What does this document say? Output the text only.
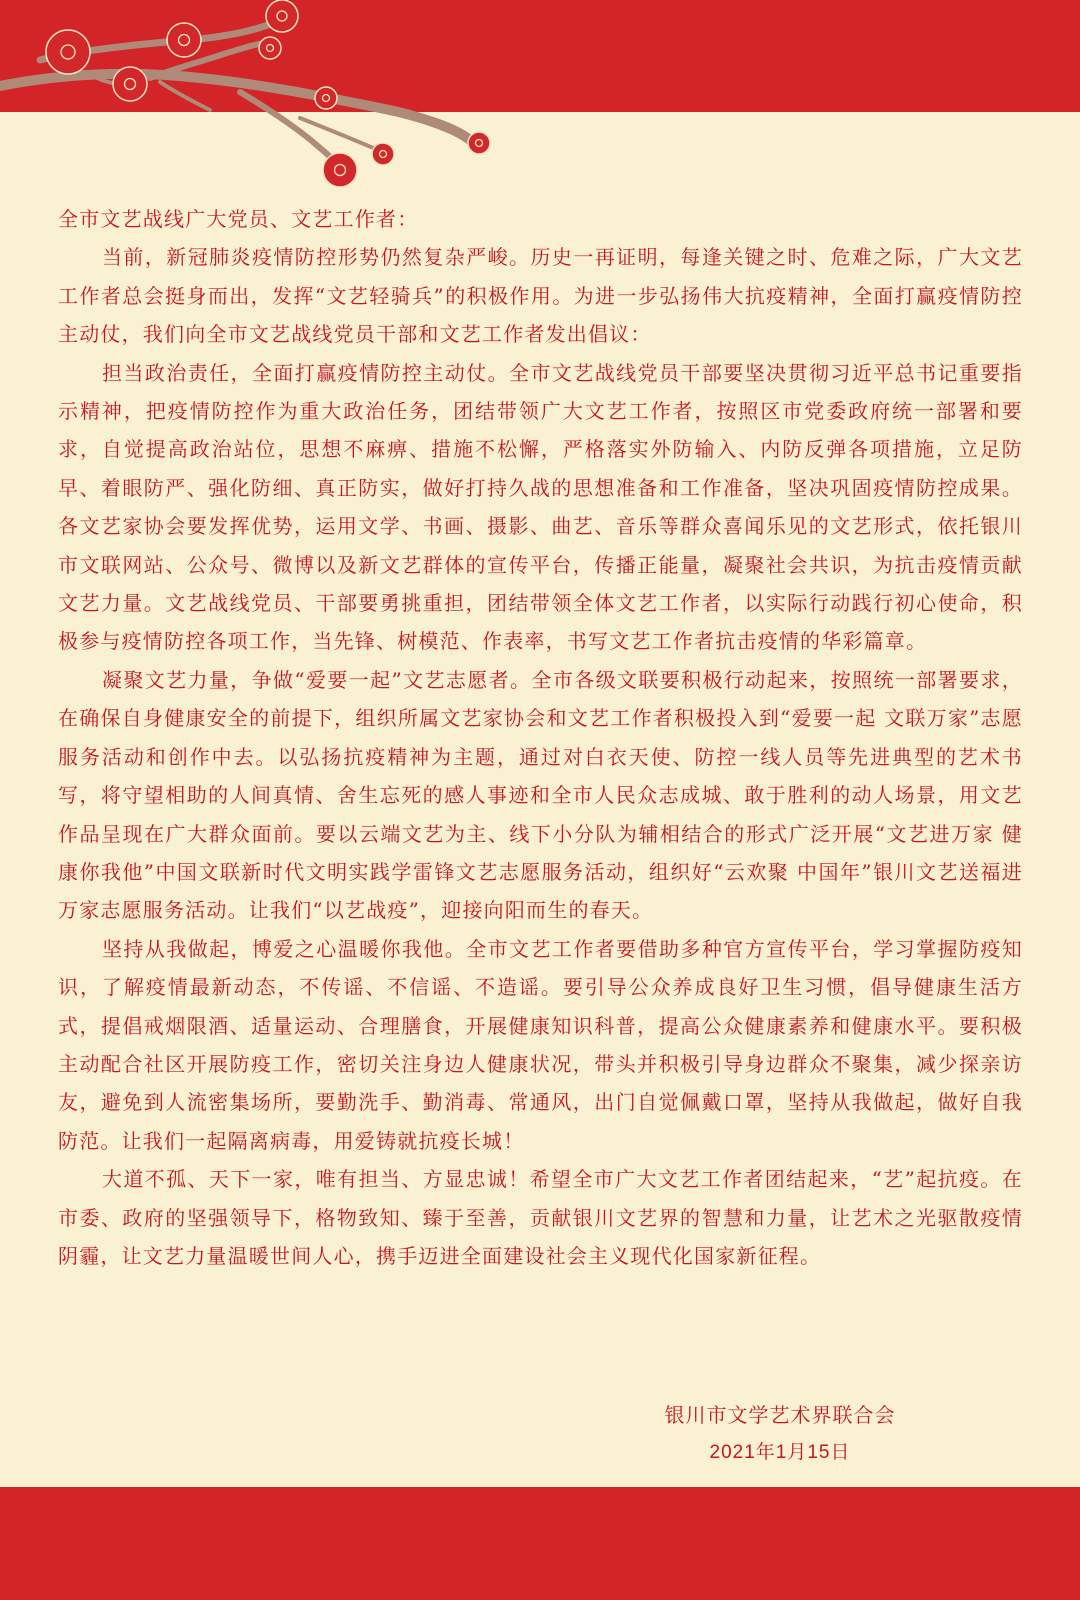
全市文艺战线广大党员、文艺工作者：

当前，新冠肺炎疫情防控形势仍然复杂严峻。历史一再证明，每逢关键之时、危难之际，广大文艺工作者总会挺身而出，发挥“文艺轻骑兵”的积极作用。为进一步弘扬伟大抗疫精神，全面打赢疫情防控主动仗，我们向全市文艺战线党员干部和文艺工作者发出倡议：

担当政治责任，全面打赢疫情防控主动仗。全市文艺战线党员干部要坚决贯彻习近平总书记重要指示精神，把疫情防控作为重大政治任务，团结带领广大文艺工作者，按照区市党委政府统一部署和要求，自觉提高政治站位，思想不麻痹、措施不松懈，严格落实外防输入、内防反弹各项措施，立足防早、着眼防严、强化防细、真正防实，做好打持久战的思想准备和工作准备，坚决巩固疫情防控成果。各文艺家协会要发挥优势，运用文学、书画、摄影、曲艺、音乐等群众喜闻乐见的文艺形式，依托银川市文联网站、公众号、微博以及新文艺群体的宣传平台，传播正能量，凝聚社会共识，为抗击疫情贡献文艺力量。文艺战线党员、干部要勇挑重担，团结带领全体文艺工作者，以实际行动践行初心使命，积极参与疫情防控各项工作，当先锋、树模范、作表率，书写文艺工作者抗击疫情的华彩篇章。

凝聚文艺力量，争做“爱要一起”文艺志愿者。全市各级文联要积极行动起来，按照统一部署要求，在确保自身健康安全的前提下，组织所属文艺家协会和文艺工作者积极投入到“爱要一起 文联万家”志愿服务活动和创作中去。以弘扬抗疫精神为主题，通过对白衣天使、防控一线人员等先进典型的艺术书写，将守望相助的人间真情、舍生忘死的感人事迹和全市人民众志成城、敢于胜利的动人场景，用文艺作品呈现在广大群众面前。要以云端文艺为主、线下小分队为辅相结合的形式广泛开展“文艺进万家 健康你我他”中国文联新时代文明实践学雷锋文艺志愿服务活动，组织好“云欢聚 中国年”银川文艺送福进万家志愿服务活动。让我们“以艺战疫”，迎接向阳而生的春天。

坚持从我做起，博爱之心温暖你我他。全市文艺工作者要借助多种官方宣传平台，学习掌握防疫知识，了解疫情最新动态，不传谣、不信谣、不造谣。要引导公众养成良好卫生习惯，倡导健康生活方式，提倡戒烟限酒、适量运动、合理膳食，开展健康知识科普，提高公众健康素养和健康水平。要积极主动配合社区开展防疫工作，密切关注身边人健康状况，带头并积极引导身边群众不聚集，减少探亲访友，避免到人流密集场所，要勤洗手、勤消毒、常通风，出门自觉佩戴口罩，坚持从我做起，做好自我防范。让我们一起隔离病毒，用爱铸就抗疫长城！

大道不孤、天下一家，唯有担当、方显忠诚！希望全市广大文艺工作者团结起来，“艺”起抗疫。在市委、政府的坚强领导下，格物致知、臻于至善，贡献银川文艺界的智慧和力量，让艺术之光驱散疫情阴霾，让文艺力量温暖世间人心，携手迈进全面建设社会主义现代化国家新征程。

银川市文学艺术界联合会
2021年1月15日
